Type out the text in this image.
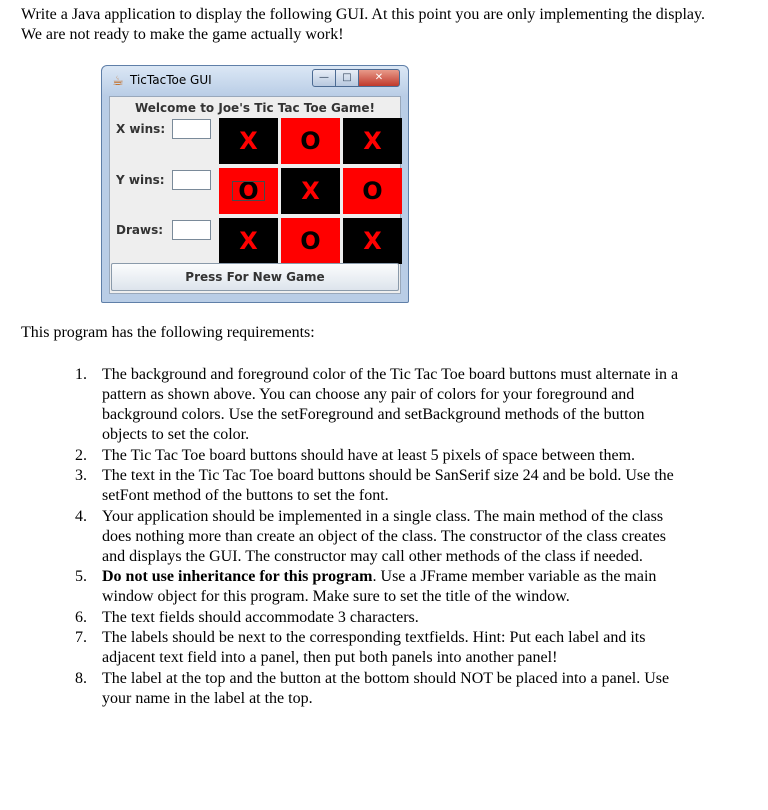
Write a Java application to display the following GUI. At this point you are only implementing the display. We are not ready to make the game actually work!
☕ TicTacToe GUI	—	□	✕
Welcome to Joe's Tic Tac Toe Game!
X wins:
Y wins:
Draws:
X	O	X
O	X	O
X	O	X
Press For New Game
This program has the following requirements:
1. The background and foreground color of the Tic Tac Toe board buttons must alternate in a pattern as shown above. You can choose any pair of colors for your foreground and background colors. Use the setForeground and setBackground methods of the button objects to set the color.
2. The Tic Tac Toe board buttons should have at least 5 pixels of space between them.
3. The text in the Tic Tac Toe board buttons should be SanSerif size 24 and be bold. Use the setFont method of the buttons to set the font.
4. Your application should be implemented in a single class. The main method of the class does nothing more than create an object of the class. The constructor of the class creates and displays the GUI. The constructor may call other methods of the class if needed.
5. Do not use inheritance for this program. Use a JFrame member variable as the main window object for this program. Make sure to set the title of the window.
6. The text fields should accommodate 3 characters.
7. The labels should be next to the corresponding textfields. Hint: Put each label and its adjacent text field into a panel, then put both panels into another panel!
8. The label at the top and the button at the bottom should NOT be placed into a panel. Use your name in the label at the top.
